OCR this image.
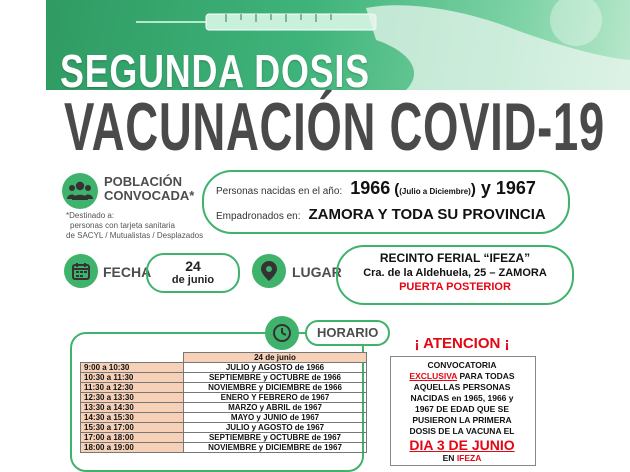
SEGUNDA DOSIS
VACUNACIÓN COVID-19
POBLACIÓN
CONVOCADA*
*Destinado a:
personas con tarjeta sanitaria
de SACYL / Mutualistas / Desplazados
Personas nacidas en el año: 1966 ( (Julio a Diciembre) ) y 1967
Empadronados en: ZAMORA Y TODA SU PROVINCIA
FECHA	24
de junio	LUGAR
RECINTO FERIAL “IFEZA”
Cra. de la Aldehuela, 25 – ZAMORA
PUERTA POSTERIOR
HORARIO
	24 de junio
9:00 a 10:30	JULIO y AGOSTO de 1966
10:30 a 11:30	SEPTIEMBRE y OCTUBRE de 1966
11:30 a 12:30	NOVIEMBRE y DICIEMBRE de 1966
12:30 a 13:30	ENERO Y FEBRERO de 1967
13:30 a 14:30	MARZO y ABRIL de 1967
14:30 a 15:30	MAYO y JUNIO de 1967
15:30 a 17:00	JULIO y AGOSTO de 1967
17:00 a 18:00	SEPTIEMBRE y OCTUBRE de 1967
18:00 a 19:00	NOVIEMBRE y DICIEMBRE de 1967
¡ ATENCION ¡
CONVOCATORIA
EXCLUSIVA PARA TODAS
AQUELLAS PERSONAS
NACIDAS en 1965, 1966 y
1967 DE EDAD QUE SE
PUSIERON LA PRIMERA
DOSIS DE LA VACUNA EL
DIA 3 DE JUNIO
EN IFEZA
